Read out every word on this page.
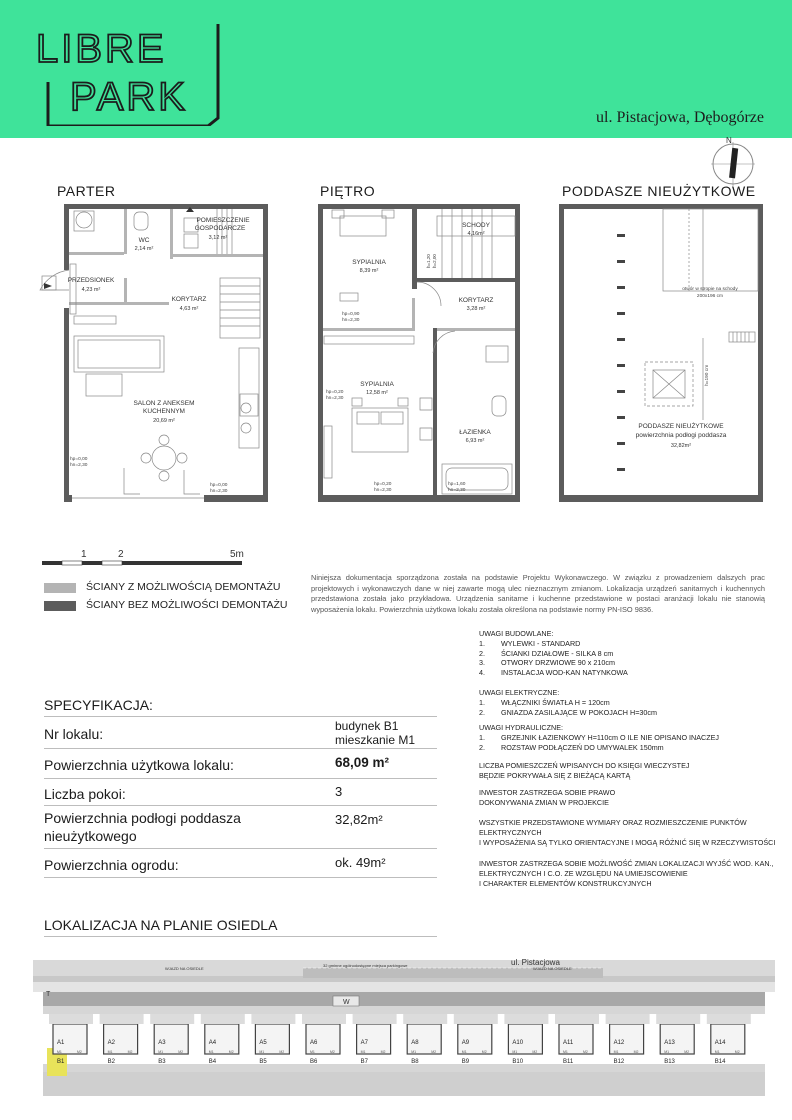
LIBRE
PARK	ul. Pistacjowa, Dębogórze
N
PARTER	PIĘTRO	PODDASZE NIEUŻYTKOWE
WC
2,14 m²
POMIESZCZENIE
GOSPODARCZE
3,12 m²
PRZEDSIONEK
4,23 m²
KORYTARZ
4,63 m²
SALON Z ANEKSEM
KUCHENNYM
20,69 m²
hp=0,00
hn=2,30
hp=0,00
hn=2,30
SCHODY
4,16m²
SYPIALNIA
8,39 m²
KORYTARZ
3,28 m²
SYPIALNIA
12,58 m²
ŁAZIENKA
6,93 m²
hp=0,90
hn=2,30
hp=0,20
hn=2,30
hp=0,20
hn=2,30
hp=1,60
hn=2,30
h=1,20 h=2,00
otwór w stropie na schody
200x196 cm
h=190 cm
PODDASZE NIEUŻYTKOWE
powierzchnia podłogi poddasza
32,82m²
1	2	5m
ŚCIANY Z MOŻLIWOŚCIĄ DEMONTAŻU
ŚCIANY BEZ MOŻLIWOŚCI DEMONTAŻU
Niniejsza dokumentacja sporządzona została na podstawie Projektu Wykonawczego. W związku z prowadzeniem dalszych prac projektowych i wykonawczych dane w niej zawarte mogą ulec nieznacznym zmianom. Lokalizacja urządzeń sanitarnych i kuchennych przedstawiona została jako przykładowa. Urządzenia sanitarne i kuchenne przedstawione w postaci aranżacji lokalu nie stanowią wyposażenia lokalu. Powierzchnia użytkowa lokalu została określona na podstawie normy PN-ISO 9836.
UWAGI BUDOWLANE:
1. WYLEWKI - STANDARD
2. ŚCIANKI DZIAŁOWE - SILKA 8 cm
3. OTWORY DRZWIOWE 90 x 210cm
4. INSTALACJA WOD-KAN NATYNKOWA
UWAGI ELEKTRYCZNE:
1. WŁĄCZNIKI ŚWIATŁA H = 120cm
2. GNIAZDA ZASILAJĄCE W POKOJACH H=30cm
UWAGI HYDRAULICZNE:
1. GRZEJNIK ŁAZIENKOWY H=110cm O ILE NIE OPISANO INACZEJ
2. ROZSTAW PODŁĄCZEŃ DO UMYWALEK 150mm
LICZBA POMIESZCZEŃ WPISANYCH DO KSIĘGI WIECZYSTEJ
BĘDZIE POKRYWAŁA SIĘ Z BIEŻĄCĄ KARTĄ
INWESTOR ZASTRZEGA SOBIE PRAWO
DOKONYWANIA ZMIAN W PROJEKCIE
WSZYSTKIE PRZEDSTAWIONE WYMIARY ORAZ ROZMIESZCZENIE PUNKTÓW ELEKTRYCZNYCH
I WYPOSAŻENIA SĄ TYLKO ORIENTACYJNE I MOGĄ RÓŻNIĆ SIĘ W RZECZYWISTOŚCI
INWESTOR ZASTRZEGA SOBIE MOŻLIWOŚĆ ZMIAN LOKALIZACJI WYJŚĆ WOD. KAN., ELEKTRYCZNYCH I C.O. ZE WZGLĘDU NA UMIEJSCOWIENIE
I CHARAKTER ELEMENTÓW KONSTRUKCYJNYCH
SPECYFIKACJA:
Nr lokalu:	budynek B1
mieszkanie M1
Powierzchnia użytkowa lokalu:	68,09 m²
Liczba pokoi:	3
Powierzchnia podłogi poddasza
nieużytkowego
32,82m²
Powierzchnia ogrodu:	ok. 49m²
LOKALIZACJA NA PLANIE OSIEDLA
A1
B1
M1	M2
A2
B2
M1	M2
A3
B3
M1	M2
A4
B4
M1	M2
A5
B5
M1	M2
A6
B6
M1	M2
A7
B7
M1	M2
A8
B8
M1	M2
A9
B9
M1	M2
A10
B10
M1	M2
A11
B11
M1	M2
A12
B12
M1	M2
A13
B13
M1	M2
A14
B14
M1	M2
ul. Pistacjowa
WJAZD NA OSIEDLE	WJAZD NA OSIEDLE
32 gminne ogólnodostępne miejsca parkingowe
T
W
